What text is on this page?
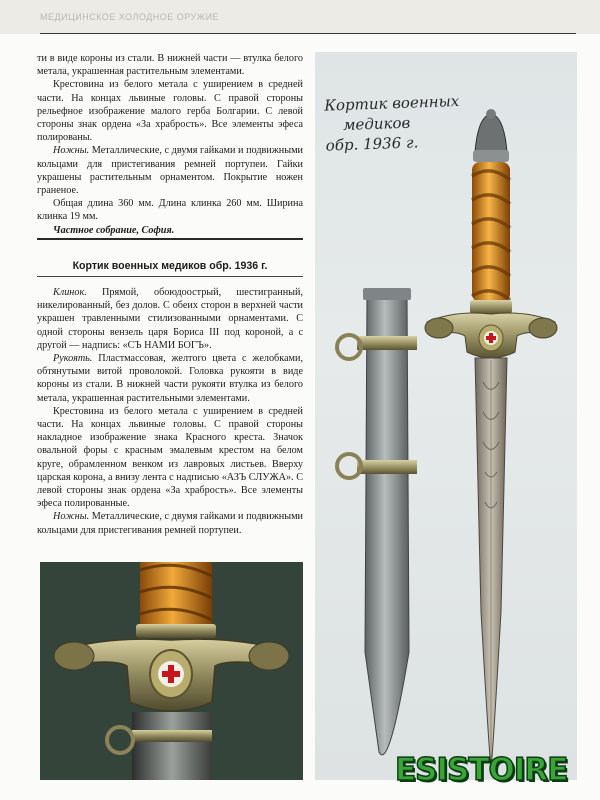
МЕДИЦИНСКОЕ ХОЛОДНОЕ ОРУЖИЕ

ти в виде короны из стали. В нижней части — втулка белого метала, украшенная растительным элементами.

Крестовина из белого метала с уширением в средней части. На концах львиные головы. С правой стороны рельефное изображение малого герба Болгарии. С левой стороны знак ордена «За храбрость». Все элементы эфеса полированы.

Ножны. Металлические, с двумя гайками и подвижными кольцами для пристегивания ремней портупеи. Гайки украшены растительным орнаментом. Покрытие ножен граненое.

Общая длина 360 мм. Длина клинка 260 мм. Ширина клинка 19 мм.

Частное собрание, София.

Кортик военных медиков обр. 1936 г.

Клинок. Прямой, обоюдоострый, шестигранный, никелированный, без долов. С обеих сторон в верхней части украшен травленными стилизованными орнаментами. С одной стороны вензель царя Бориса III под короной, а с другой — надпись: «СЪ НАМИ БОГЪ».

Рукоять. Пластмассовая, желтого цвета с желобками, обтянутыми витой проволокой. Головка рукояти в виде короны из стали. В нижней части рукояти втулка из белого метала, украшенная растительными элементами.

Крестовина из белого метала с уширением в средней части. На концах львиные головы. С правой стороны накладное изображение знака Красного креста. Значок овальной форы с красным эмалевым крестом на белом круге, обрамленном венком из лавровых листьев. Вверху царская корона, а внизу лента с надписью «АЗЪ СЛУЖА». С левой стороны знак ордена «За храбрость». Все элементы эфеса полированные.

Ножны. Металлические, с двумя гайками и подвижными кольцами для пристегивания ремней портупеи.

Кортик военных
медиков
обр. 1936 г.
ESISTOIRE
